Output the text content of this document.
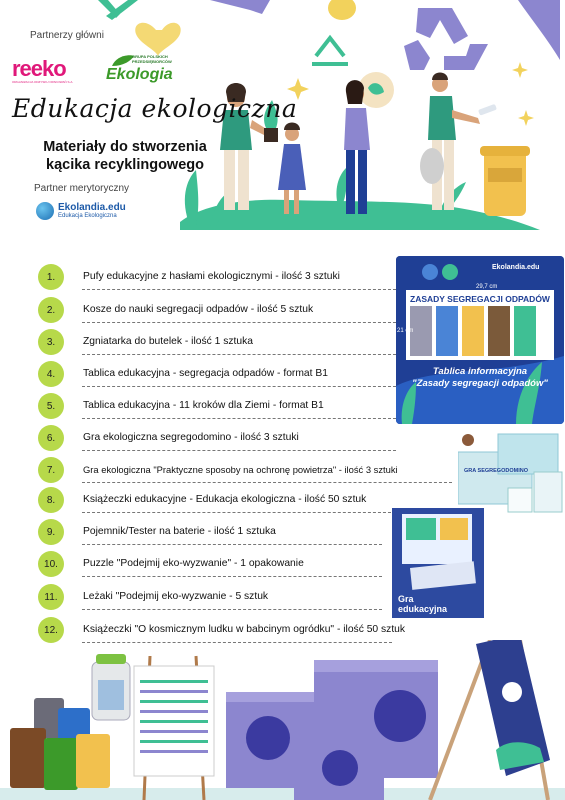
Partnerzy główni
reeko
ORGANIZACJA ODZYSKU OPAKOWAŃ S.A.
GRUPA POLSKICH PRZEDSIĘBIORCÓW
Ekologia
Edukacja ekologiczna
Materiały do stworzenia
kącika recyklingowego
Partner merytoryczny
Ekolandia.edu
Edukacja Ekologiczna
1.	Pufy edukacyjne z hasłami ekologicznymi - ilość 3 sztuki
2.	Kosze do nauki segregacji odpadów - ilość 5 sztuk
3.	Zgniatarka do butelek - ilość 1 sztuka
4.	Tablica edukacyjna - segregacja odpadów - format B1
5.	Tablica edukacyjna - 11 kroków dla Ziemi - format B1
6.	Gra ekologiczna segregodomino - ilość 3 sztuki
7.	Gra ekologiczna "Praktyczne sposoby na ochronę powietrza" - ilość 3 sztuki
8.	Książeczki edukacyjne - Edukacja ekologiczna - ilość 50 sztuk
9.	Pojemnik/Tester na baterie - ilość 1 sztuka
10.	Puzzle "Podejmij eko-wyzwanie" - 1 opakowanie
11.	Leżaki "Podejmij eko-wyzwanie - 5 sztuk
12.	Książeczki "O kosmicznym ludku w babcinym ogródku" - ilość 50 sztuk
Ekolandia.edu
29,7 cm
ZASADY SEGREGACJI ODPADÓW
21 cm
Tablica informacyjna
"Zasady segregacji odpadów"
GRA SEGREGODOMINO
Gra
edukacyjna
